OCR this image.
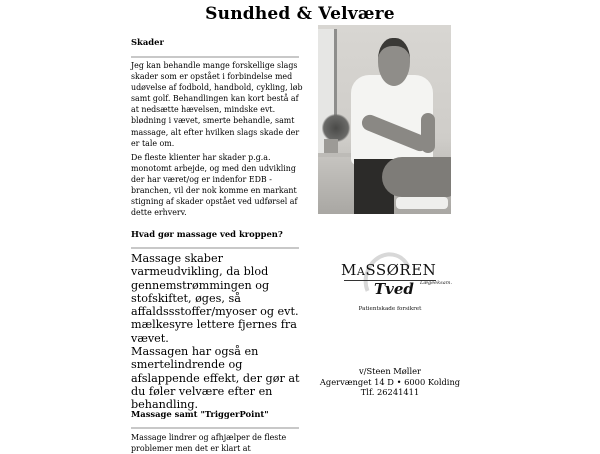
Sundhed & Velvære
Skader

Jeg kan behandle mange forskellige slags skader som er opstået i forbindelse med udøvelse af fodbold, handbold, cykling, løb samt golf. Behandlingen kan kort bestå af at nedsætte hævelsen, mindske evt. blødning i vævet, smerte behandle, samt massage, alt efter hvilken slags skade der er tale om.

De fleste klienter har skader p.g.a. monotomt arbejde, og med den udvikling der har været/og er indenfor EDB - branchen, vil der nok komme en markant stigning af skader opstået ved udførsel af dette erhverv.

Hvad gør massage ved kroppen?
Massage skaber varmeudvikling, da blod gennemstrømmingen og stofskiftet, øges, så affaldssstoffer/myoser og evt. mælkesyre lettere fjernes fra vævet.
Massagen har også en smertelindrende og afslappende effekt, der gør at du føler velvære efter en behandling.
Massage samt "TriggerPoint"

Massage lindrer og afhjælper de fleste problemer men det er klart at

MASSØREN
Tved Lægeeksam.
Patientskade forsikret
v/Steen Møller
Agervænget 14 D • 6000 Kolding
Tlf. 26241411
